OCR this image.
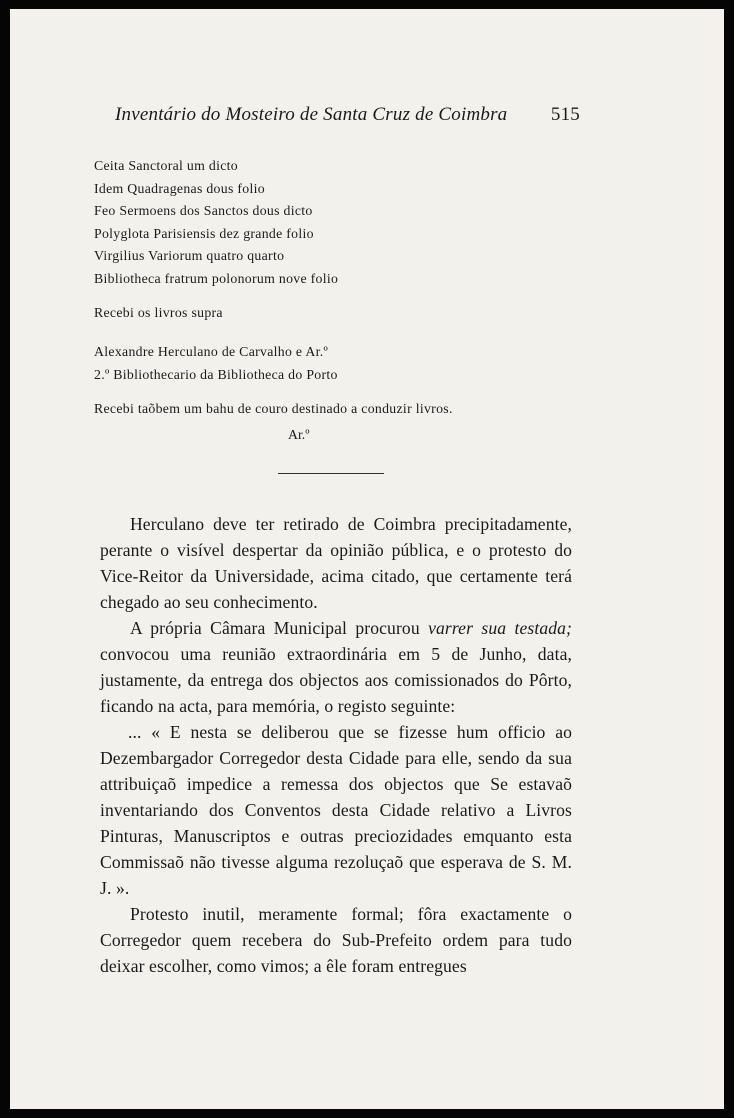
Inventário do Mosteiro de Santa Cruz de Coimbra 515
Ceita Sanctoral um dicto
Idem Quadragenas dous folio
Feo Sermoens dos Sanctos dous dicto
Polyglota Parisiensis dez grande folio
Virgilius Variorum quatro quarto
Bibliotheca fratrum polonorum nove folio
Recebi os livros supra
Alexandre Herculano de Carvalho e Ar.º
2.º Bibliothecario da Bibliotheca do Porto
Recebi taõbem um bahu de couro destinado a conduzir livros.
Ar.º

Herculano deve ter retirado de Coimbra precipitadamente, perante o visível despertar da opinião pública, e o protesto do Vice-Reitor da Universidade, acima citado, que certamente terá chegado ao seu conhecimento.

A própria Câmara Municipal procurou varrer sua testada; convocou uma reunião extraordinária em 5 de Junho, data, justamente, da entrega dos objectos aos comissionados do Pôrto, ficando na acta, para memória, o registo seguinte:

... « E nesta se deliberou que se fizesse hum officio ao Dezembargador Corregedor desta Cidade para elle, sendo da sua attribuiçaõ impedice a remessa dos objectos que Se estavaõ inventariando dos Conventos desta Cidade relativo a Livros Pinturas, Manuscriptos e outras preciozidades emquanto esta Commissaõ não tivesse alguma rezoluçaõ que esperava de S. M. J. ».

Protesto inutil, meramente formal; fôra exactamente o Corregedor quem recebera do Sub-Prefeito ordem para tudo deixar escolher, como vimos; a êle foram entregues
